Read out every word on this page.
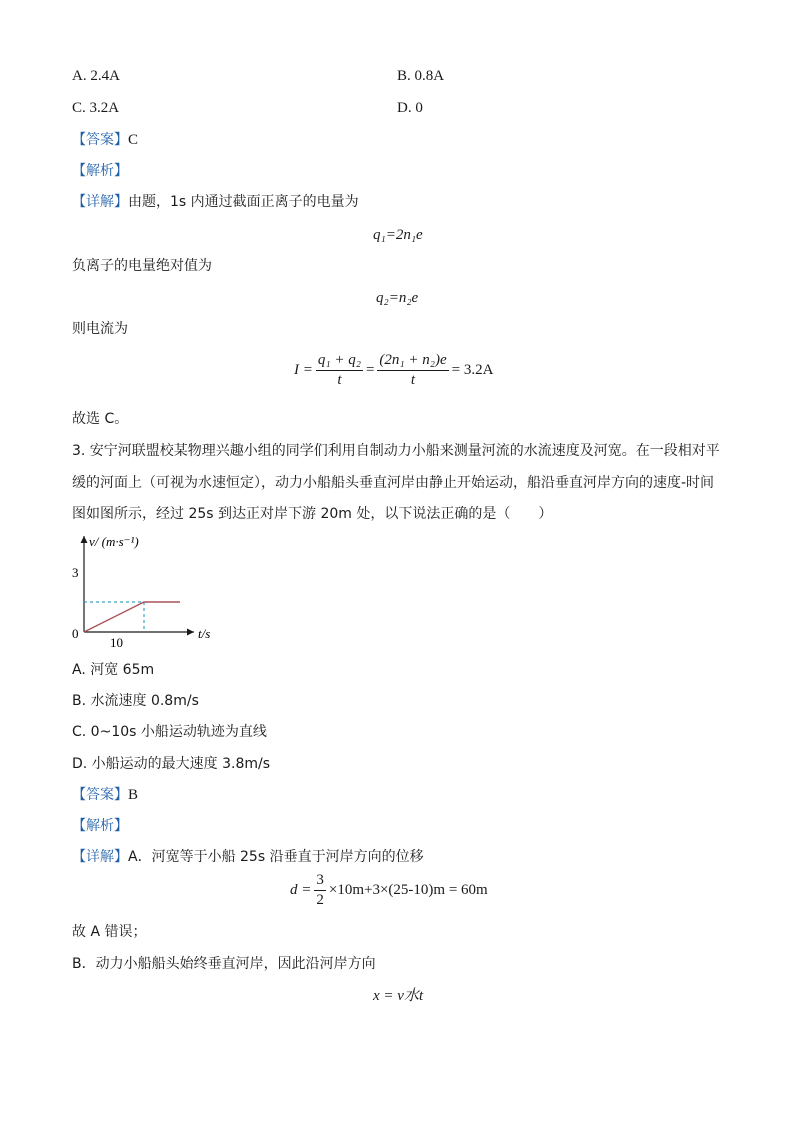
A. 2.4A	B. 0.8A
C. 3.2A	D. 0
【答案】C
【解析】
【详解】由题，1s 内通过截面正离子的电量为
q₁=2n₁e
负离子的电量绝对值为
q₂=n₂e
则电流为
$I = \frac{\text{q₁ + q₂}}{t} = \frac{\text{(2n₁ + n₂)e}}{t} = 3.2A$
故选 C。
3. 安宁河联盟校某物理兴趣小组的同学们利用自制动力小船来测量河流的水流速度及河宽。在一段相对平
缓的河面上（可视为水速恒定），动力小船船头垂直河岸由静止开始运动，船沿垂直河岸方向的速度-时间
图如图所示，经过 25s 到达正对岸下游 20m 处，以下说法正确的是（　　）
v/ (m·s⁻¹)
t/s
0
3
10
A. 河宽 65m
B. 水流速度 0.8m/s
C. 0~10s 小船运动轨迹为直线
D. 小船运动的最大速度 3.8m/s
【答案】B
【解析】
【详解】A．河宽等于小船 25s 沿垂直于河岸方向的位移
$d = \frac{3}{2} \times 10m+3\times(25-10)m = 60m$
故 A 错误；
B．动力小船船头始终垂直河岸，因此沿河岸方向
x = v水t
